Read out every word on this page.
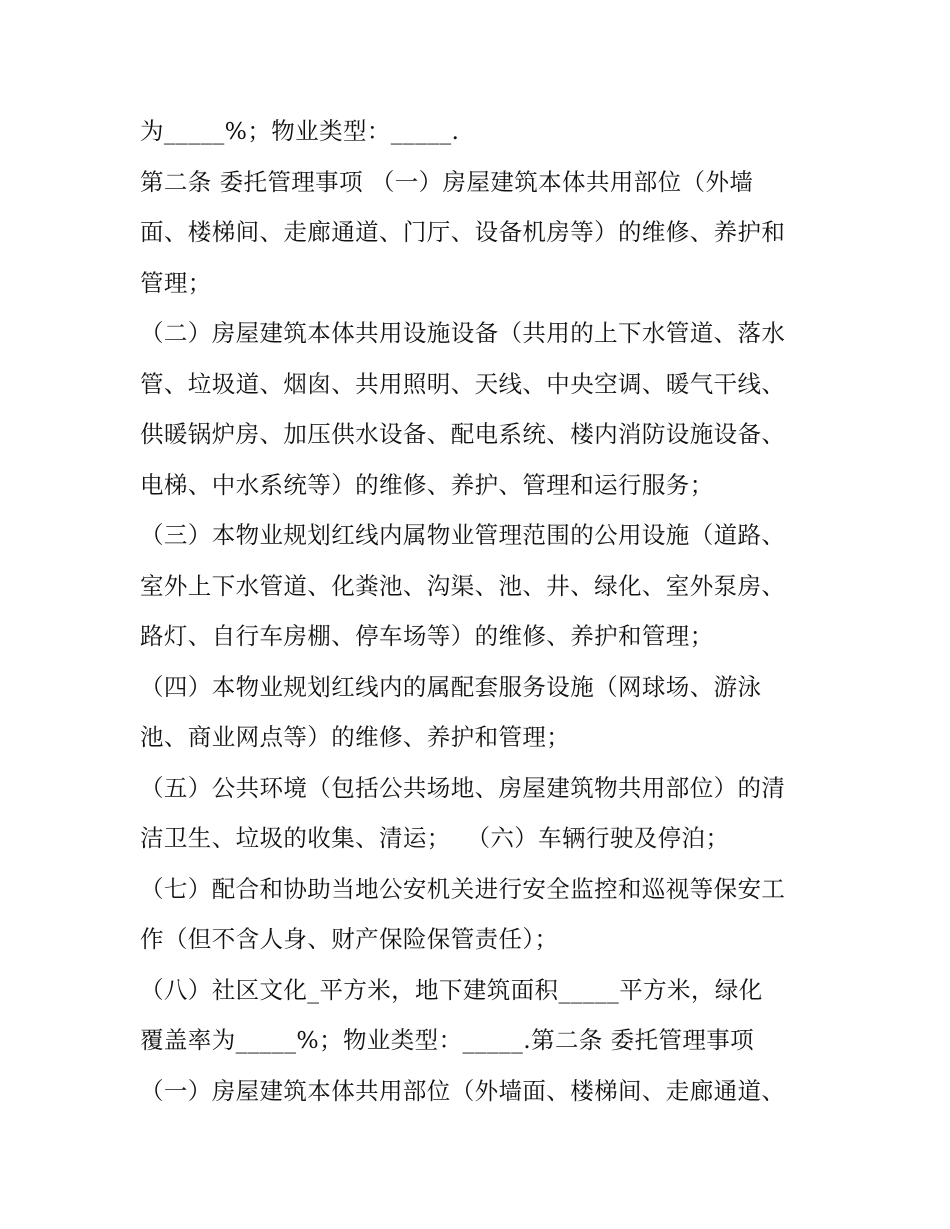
为_____%；物业类型：_____.
第二条 委托管理事项 （一）房屋建筑本体共用部位（外墙
面、楼梯间、走廊通道、门厅、设备机房等）的维修、养护和
管理；
（二）房屋建筑本体共用设施设备（共用的上下水管道、落水
管、垃圾道、烟囱、共用照明、天线、中央空调、暖气干线、
供暖锅炉房、加压供水设备、配电系统、楼内消防设施设备、
电梯、中水系统等）的维修、养护、管理和运行服务；
（三）本物业规划红线内属物业管理范围的公用设施（道路、
室外上下水管道、化粪池、沟渠、池、井、绿化、室外泵房、
路灯、自行车房棚、停车场等）的维修、养护和管理；
（四）本物业规划红线内的属配套服务设施（网球场、游泳
池、商业网点等）的维修、养护和管理；
（五）公共环境（包括公共场地、房屋建筑物共用部位）的清
洁卫生、垃圾的收集、清运；  （六）车辆行驶及停泊；
（七）配合和协助当地公安机关进行安全监控和巡视等保安工
作（但不含人身、财产保险保管责任）；
（八）社区文化_平方米，地下建筑面积_____平方米，绿化
覆盖率为_____%；物业类型：_____.第二条 委托管理事项
（一）房屋建筑本体共用部位（外墙面、楼梯间、走廊通道、
